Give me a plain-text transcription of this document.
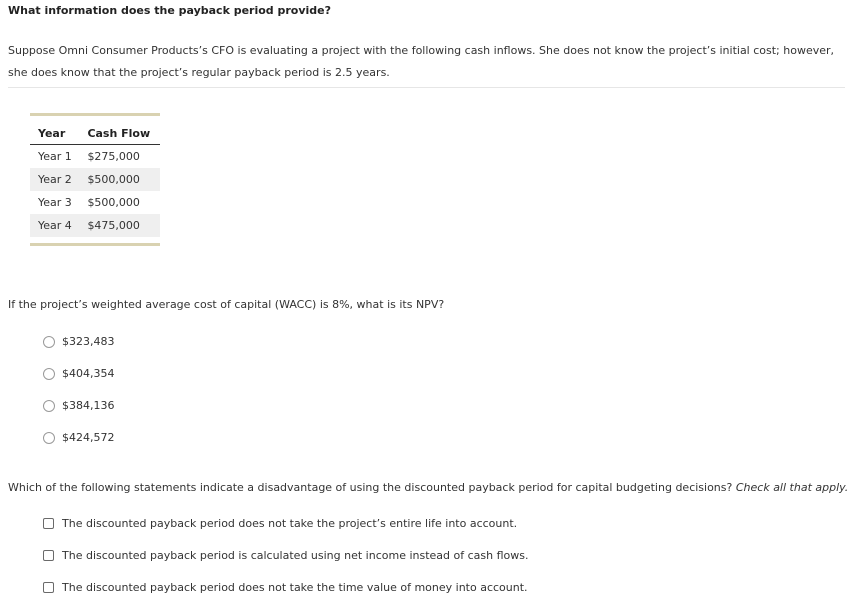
What information does the payback period provide?
Suppose Omni Consumer Products’s CFO is evaluating a project with the following cash inflows. She does not know the project’s initial cost; however, she does know that the project’s regular payback period is 2.5 years.
Year	Cash Flow
Year 1	$275,000
Year 2	$500,000
Year 3	$500,000
Year 4	$475,000
If the project’s weighted average cost of capital (WACC) is 8%, what is its NPV?
$323,483
$404,354
$384,136
$424,572
Which of the following statements indicate a disadvantage of using the discounted payback period for capital budgeting decisions? Check all that apply.
The discounted payback period does not take the project’s entire life into account.
The discounted payback period is calculated using net income instead of cash flows.
The discounted payback period does not take the time value of money into account.
